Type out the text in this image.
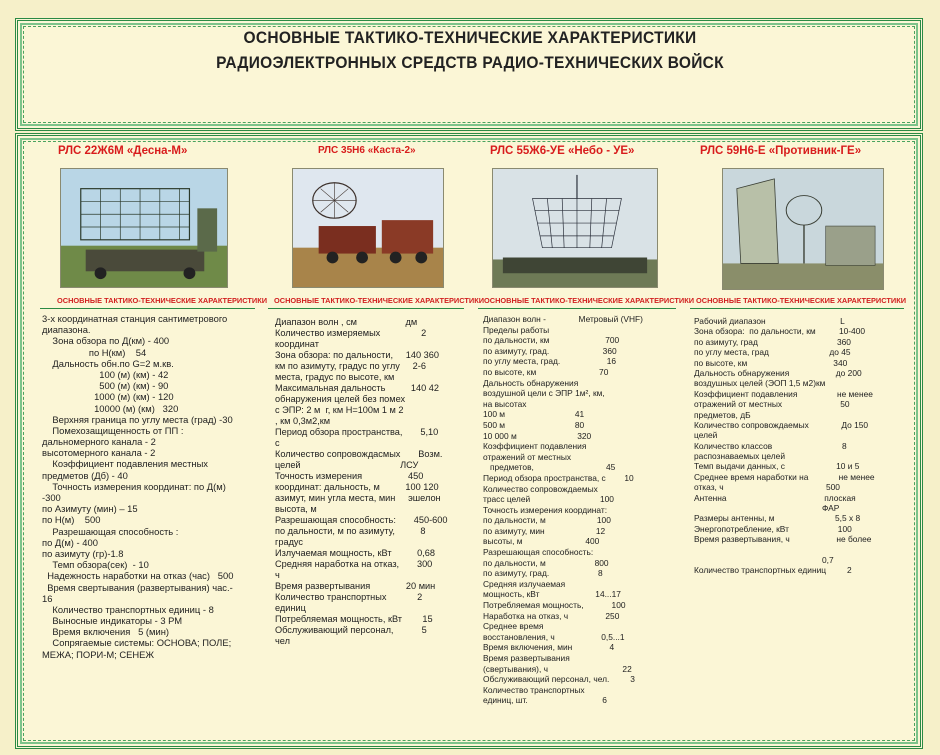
ОСНОВНЫЕ ТАКТИКО-ТЕХНИЧЕСКИЕ ХАРАКТЕРИСТИКИ
РАДИОЭЛЕКТРОННЫХ СРЕДСТВ РАДИО-ТЕХНИЧЕСКИХ ВОЙСК
РЛС 22Ж6М «Десна-М»
ОСНОВНЫЕ ТАКТИКО-ТЕХНИЧЕСКИЕ ХАРАКТЕРИСТИКИ
3-х координатная станция сантиметрового
диапазона.
Зона обзора по Д(км) - 400
по Н(км)    54
Дальность обн.по G=2 м.кв.
100 (м) (км) - 42
500 (м) (км) - 90
1000 (м) (км) - 120
10000 (м) (км)   320
Верхняя граница по углу места (град) -30
Помехозащищенность от ПП :
дальномерного канала - 2
высотомерного канала - 2
Коэффициент подавления местных
предметов (Дб) - 40
Точность измерения координат: по Д(м)
-300
по Азимуту (мин) – 15
по Н(м)    500
Разрешающая способность :
по Д(м) - 400
по азимуту (гр)-1.8
Темп обзора(сек)  - 10
Надежность наработки на отказ (час)   500
Время свертывания (развертывания) час.-
16
Количество транспортных единиц - 8
Выносные индикаторы - 3 РМ
Время включения   5 (мин)
Сопрягаемые системы: ОСНОВА; ПОЛЕ;
МЕЖА; ПОРИ-М; СЕНЕЖ
РЛС 35Н6 «Каста-2»
ОСНОВНЫЕ ТАКТИКО-ТЕХНИЧЕСКИЕ ХАРАКТЕРИСТИКИ
Диапазон волн , см                   дм
Количество измеряемых                2
координат
Зона обзора: по дальности,     140 360
км по азимуту, градус по углу     2-6
места, градус по высоте, км
Максимальная дальность          140 42
обнаружения целей без помех
с ЭПР: 2 м  г, км Н=100м 1 м 2
, км 0,3м2,км
Период обзора пространства,       5,10
с
Количество сопровождасмых       Возм.
целей                                       ЛСУ
Точность измерения                  450
координат: дальность, м          100 120
азимут, мин угла места, мин     эшелон
высота, м
Разрешающая способность:       450-600
по дальности, м по азимуту,          8
градус
Излучаемая мощность, кВт          0,68
Средняя наработка на отказ,       300
ч
Время развертывания              20 мин
Количество транспортных            2
единиц
Потребляемая мощность, кВт        15
Обслуживающий персонал,           5
чел
РЛС 55Ж6-УЕ «Небо - УЕ»
ОСНОВНЫЕ ТАКТИКО-ТЕХНИЧЕСКИЕ ХАРАКТЕРИСТИКИ
Диапазон волн -              Метровый (VHF)
Пределы работы
по дальности, км                        700
по азимуту, град.                       360
по углу места, град.                    16
по высоте, км                           70
Дальность обнаружения
воздушной цели с ЭПР 1м², км,
на высотах
100 м                              41
500 м                              80
10 000 м                          320
Коэффициент подавления
отражений от местных
предметов,                               45
Период обзора пространства, с        10
Количество сопровождаемых
трасс целей                              100
Точность измерения координат:
по дальности, м                      100
по азимуту, мин                      12
высоты, м                           400
Разрешающая способность:
по дальности, м                     800
по азимуту, град.                     8
Средняя излучаемая
мощность, кВт                        14...17
Потребляемая мощность,            100
Наработка на отказ, ч                250
Среднее время
восстановления, ч                    0,5...1
Время включения, мин                4
Время развертывания
(свертывания), ч                                22
Обслуживающий персонал, чел.         3
Количество транспортных
единиц, шт.                                6
РЛС 59Н6-Е «Противник-ГЕ»
ОСНОВНЫЕ ТАКТИКО-ТЕХНИЧЕСКИЕ ХАРАКТЕРИСТИКИ
Рабочий диапазон                                L
Зона обзора:  по дальности, км          10-400
по азимуту, град                                  360
по углу места, град                          до 45
по высоте, км                                     340
Дальность обнаружения                    до 200
воздушных целей (ЭОП 1,5 м2)км
Коэффициент подавления                 не менее
отражений от местных                         50
предметов, дБ
Количество сопровождаемых              До 150
целей
Количество классов                              8
распознаваемых целей
Темп выдачи данных, с                      10 и 5
Среднее время наработки на             не менее
отказ, ч                                            500
Антенна                                          плоская
ФАР
Размеры антенны, м                          5,5 х 8
Энергопотребление, кВт                     100
Время развертывания, ч                    не более
0,7
Количество транспортных единиц         2
